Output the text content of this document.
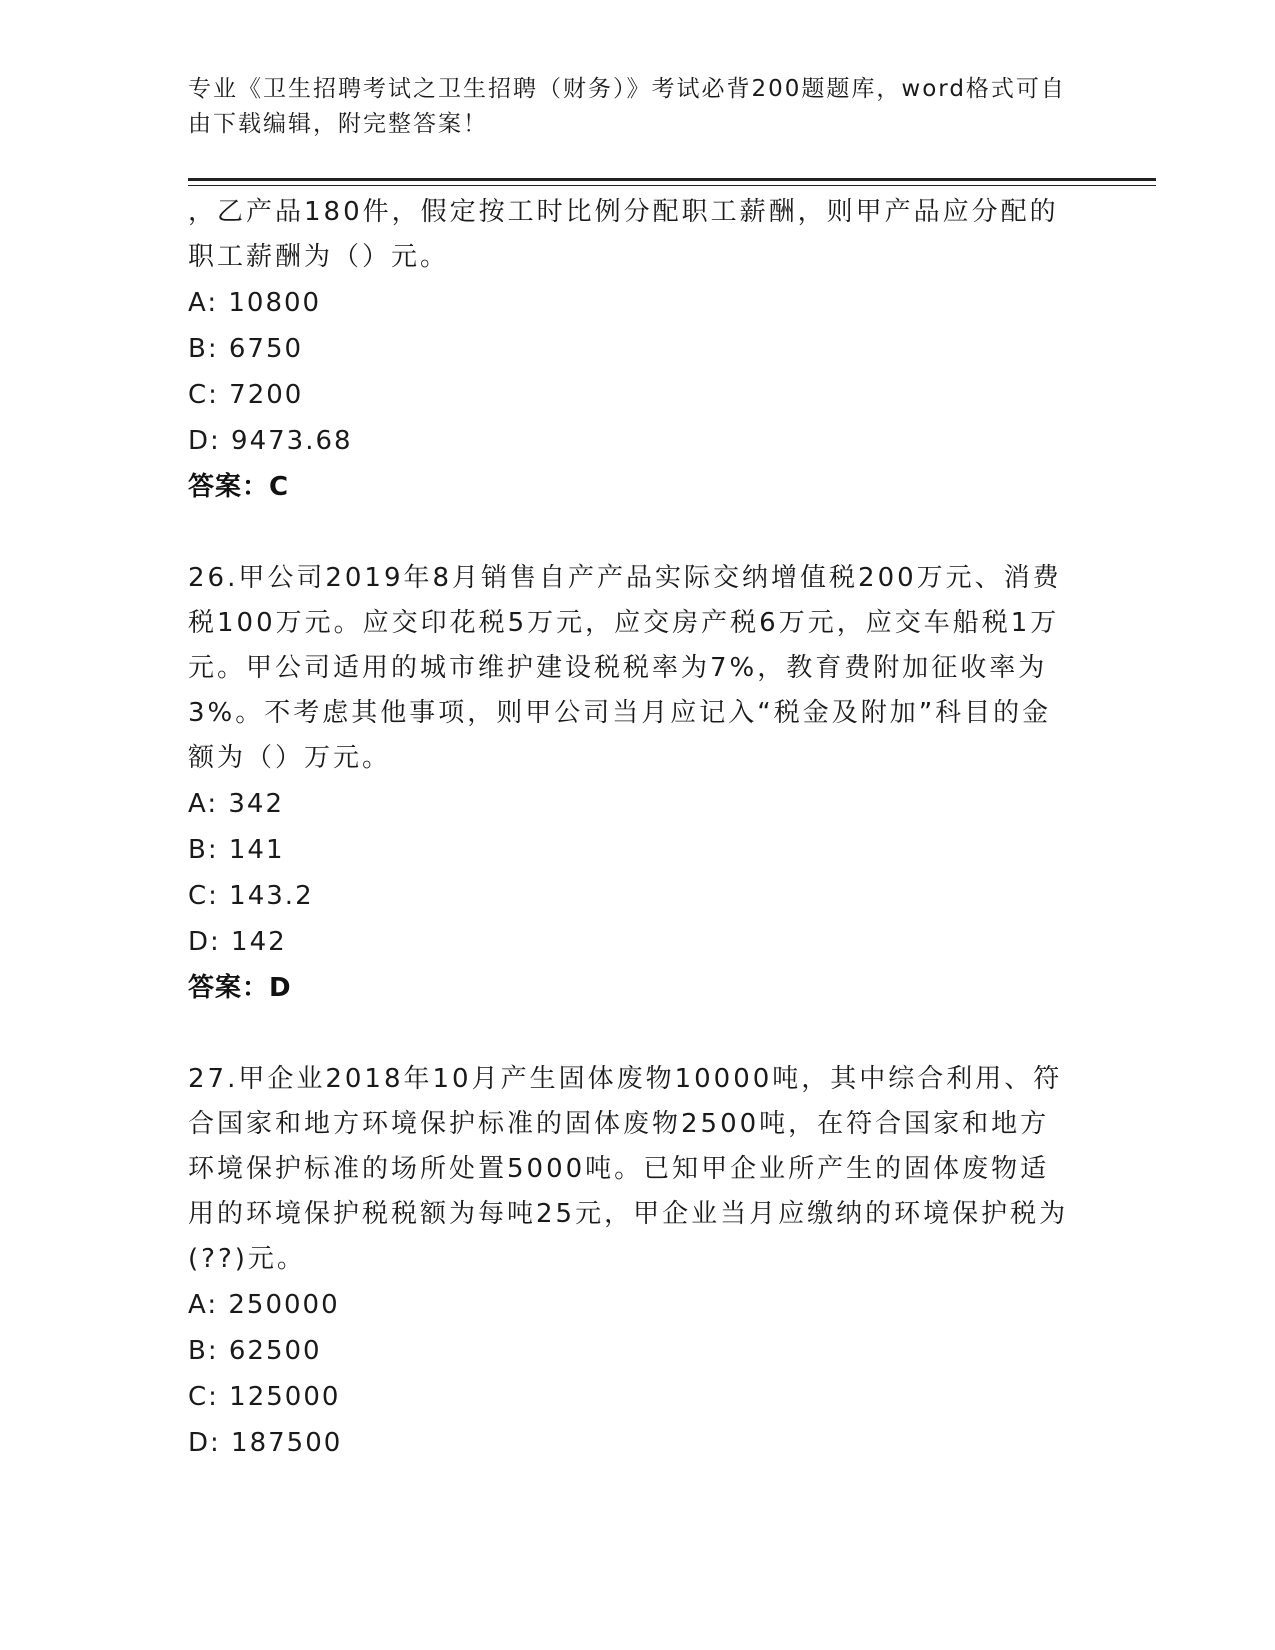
专业《卫生招聘考试之卫生招聘（财务）》考试必背200题题库，word格式可自由下载编辑，附完整答案！

，乙产品180件，假定按工时比例分配职工薪酬，则甲产品应分配的职工薪酬为（）元。

A: 10800

B: 6750

C: 7200

D: 9473.68

答案：C

26.甲公司2019年8月销售自产产品实际交纳增值税200万元、消费税100万元。应交印花税5万元，应交房产税6万元，应交车船税1万元。甲公司适用的城市维护建设税税率为7%，教育费附加征收率为3%。不考虑其他事项，则甲公司当月应记入“税金及附加”科目的金额为（）万元。

A: 342

B: 141

C: 143.2

D: 142

答案：D

27.甲企业2018年10月产生固体废物10000吨，其中综合利用、符合国家和地方环境保护标准的固体废物2500吨，在符合国家和地方环境保护标准的场所处置5000吨。已知甲企业所产生的固体废物适用的环境保护税税额为每吨25元，甲企业当月应缴纳的环境保护税为(??)元。

A: 250000

B: 62500

C: 125000

D: 187500
